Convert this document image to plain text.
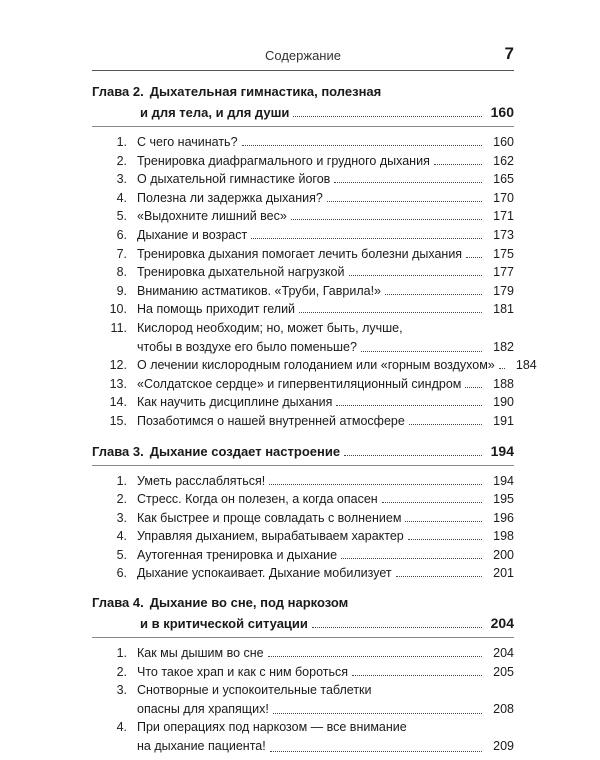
Содержание	7
Глава 2. Дыхательная гимнастика, полезная
и для тела, и для души	160
1. С чего начинать?	160
2. Тренировка диафрагмального и грудного дыхания	162
3. О дыхательной гимнастике йогов	165
4. Полезна ли задержка дыхания?	170
5. «Выдохните лишний вес»	171
6. Дыхание и возраст	173
7. Тренировка дыхания помогает лечить болезни дыхания	175
8. Тренировка дыхательной нагрузкой	177
9. Вниманию астматиков. «Труби, Гаврила!»	179
10. На помощь приходит гелий	181
11. Кислород необходим; но, может быть, лучше,
чтобы в воздухе его было поменьше?	182
12. О лечении кислородным голоданием или «горным воздухом»	184
13. «Солдатское сердце» и гипервентиляционный синдром	188
14. Как научить дисциплине дыхания	190
15. Позаботимся о нашей внутренней атмосфере	191
Глава 3. Дыхание создает настроение	194
1. Уметь расслабляться!	194
2. Стресс. Когда он полезен, а когда опасен	195
3. Как быстрее и проще совладать с волнением	196
4. Управляя дыханием, вырабатываем характер	198
5. Аутогенная тренировка и дыхание	200
6. Дыхание успокаивает. Дыхание мобилизует	201
Глава 4. Дыхание во сне, под наркозом
и в критической ситуации	204
1. Как мы дышим во сне	204
2. Что такое храп и как с ним бороться	205
3. Снотворные и успокоительные таблетки
опасны для храпящих!	208
4. При операциях под наркозом — все внимание
на дыхание пациента!	209
